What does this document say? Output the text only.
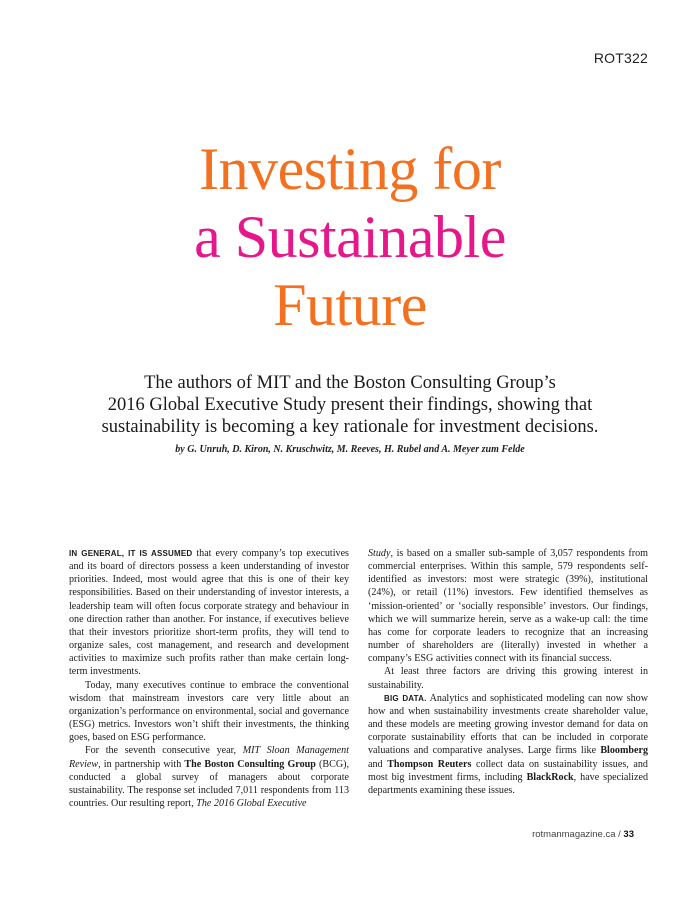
ROT322
Investing for
a Sustainable
Future
The authors of MIT and the Boston Consulting Group’s
2016 Global Executive Study present their findings, showing that
sustainability is becoming a key rationale for investment decisions.
by G. Unruh, D. Kiron, N. Kruschwitz, M. Reeves, H. Rubel and A. Meyer zum Felde

IN GENERAL, IT IS ASSUMED that every company’s top executives and its board of directors possess a keen understanding of investor priorities. Indeed, most would agree that this is one of their key responsibilities. Based on their understanding of investor interests, a leadership team will often focus corporate strategy and behaviour in one direction rather than another. For instance, if executives believe that their investors prioritize short-term profits, they will tend to organize sales, cost management, and research and development activities to maximize such profits rather than make certain long-term investments.

Today, many executives continue to embrace the conventional wisdom that mainstream investors care very little about an organization’s performance on environmental, social and governance (ESG) metrics. Investors won’t shift their investments, the thinking goes, based on ESG performance.

For the seventh consecutive year, MIT Sloan Management Review, in partnership with The Boston Consulting Group (BCG), conducted a global survey of managers about corporate sustainability. The response set included 7,011 respondents from 113 countries. Our resulting report, The 2016 Global Executive

Study, is based on a smaller sub-sample of 3,057 respondents from commercial enterprises. Within this sample, 579 respondents self-identified as investors: most were strategic (39%), institutional (24%), or retail (11%) investors. Few identified themselves as ‘mission-oriented’ or ‘socially responsible’ investors. Our findings, which we will summarize herein, serve as a wake-up call: the time has come for corporate leaders to recognize that an increasing number of shareholders are (literally) invested in whether a company’s ESG activities connect with its financial success.

At least three factors are driving this growing interest in sustainability.

BIG DATA. Analytics and sophisticated modeling can now show how and when sustainability investments create shareholder value, and these models are meeting growing investor demand for data on corporate sustainability efforts that can be included in corporate valuations and comparative analyses. Large firms like Bloomberg and Thompson Reuters collect data on sustainability issues, and most big investment firms, including BlackRock, have specialized departments examining these issues.

rotmanmagazine.ca / 33
